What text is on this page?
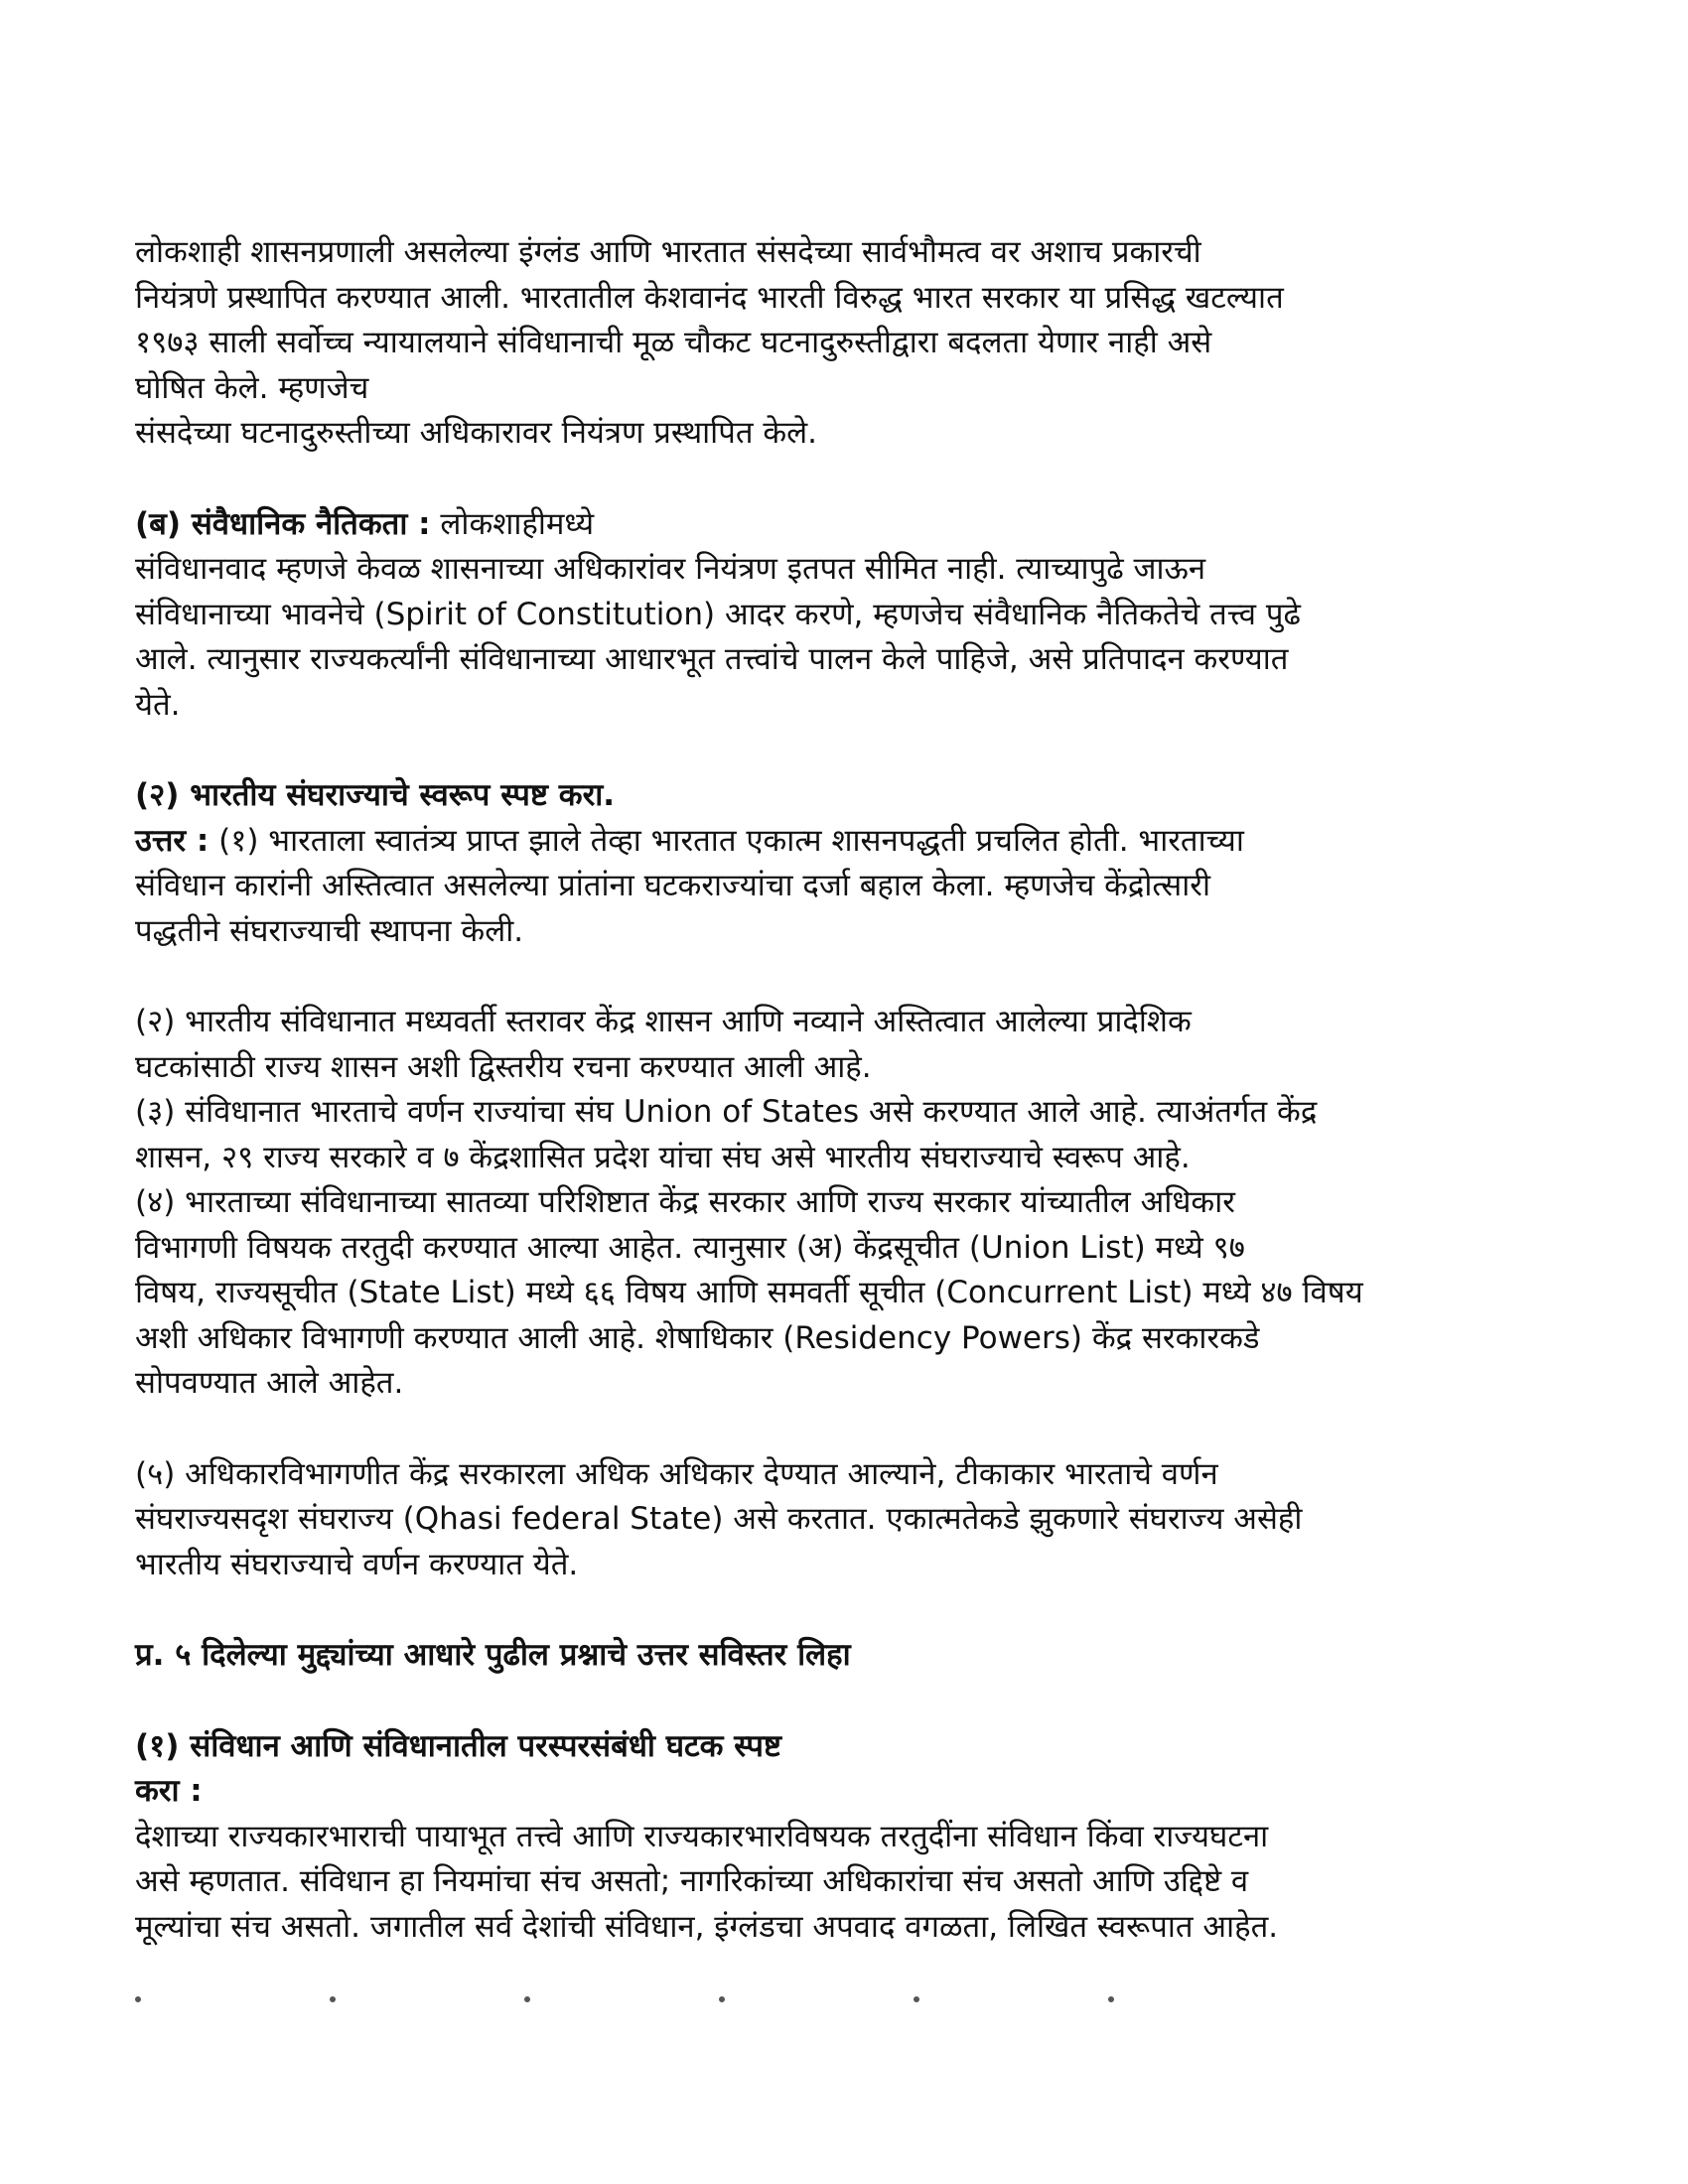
लोकशाही शासनप्रणाली असलेल्या इंग्लंड आणि भारतात संसदेच्या सार्वभौमत्व वर अशाच प्रकारची

नियंत्रणे प्रस्थापित करण्यात आली. भारतातील केशवानंद भारती विरुद्ध भारत सरकार या प्रसिद्ध खटल्यात

१९७३ साली सर्वोच्च न्यायालयाने संविधानाची मूळ चौकट घटनादुरुस्तीद्वारा बदलता येणार नाही असे

घोषित केले. म्हणजेच

संसदेच्या घटनादुरुस्तीच्या अधिकारावर नियंत्रण प्रस्थापित केले.

(ब) संवैधानिक नैतिकता : लोकशाहीमध्ये

संविधानवाद म्हणजे केवळ शासनाच्या अधिकारांवर नियंत्रण इतपत सीमित नाही. त्याच्यापुढे जाऊन

संविधानाच्या भावनेचे (Spirit of Constitution) आदर करणे, म्हणजेच संवैधानिक नैतिकतेचे तत्त्व पुढे

आले. त्यानुसार राज्यकर्त्यांनी संविधानाच्या आधारभूत तत्त्वांचे पालन केले पाहिजे, असे प्रतिपादन करण्यात

येते.

(२) भारतीय संघराज्याचे स्वरूप स्पष्ट करा.

उत्तर : (१) भारताला स्वातंत्र्य प्राप्त झाले तेव्हा भारतात एकात्म शासनपद्धती प्रचलित होती. भारताच्या

संविधान कारांनी अस्तित्वात असलेल्या प्रांतांना घटकराज्यांचा दर्जा बहाल केला. म्हणजेच केंद्रोत्सारी

पद्धतीने संघराज्याची स्थापना केली.

(२) भारतीय संविधानात मध्यवर्ती स्तरावर केंद्र शासन आणि नव्याने अस्तित्वात आलेल्या प्रादेशिक

घटकांसाठी राज्य शासन अशी द्विस्तरीय रचना करण्यात आली आहे.

(३) संविधानात भारताचे वर्णन राज्यांचा संघ Union of States असे करण्यात आले आहे. त्याअंतर्गत केंद्र

शासन, २९ राज्य सरकारे व ७ केंद्रशासित प्रदेश यांचा संघ असे भारतीय संघराज्याचे स्वरूप आहे.

(४) भारताच्या संविधानाच्या सातव्या परिशिष्टात केंद्र सरकार आणि राज्य सरकार यांच्यातील अधिकार

विभागणी विषयक तरतुदी करण्यात आल्या आहेत. त्यानुसार (अ) केंद्रसूचीत (Union List) मध्ये ९७

विषय, राज्यसूचीत (State List) मध्ये ६६ विषय आणि समवर्ती सूचीत (Concurrent List) मध्ये ४७ विषय

अशी अधिकार विभागणी करण्यात आली आहे. शेषाधिकार (Residency Powers) केंद्र सरकारकडे

सोपवण्यात आले आहेत.

(५) अधिकारविभागणीत केंद्र सरकारला अधिक अधिकार देण्यात आल्याने, टीकाकार भारताचे वर्णन

संघराज्यसदृश संघराज्य (Qhasi federal State) असे करतात. एकात्मतेकडे झुकणारे संघराज्य असेही

भारतीय संघराज्याचे वर्णन करण्यात येते.

प्र. ५ दिलेल्या मुद्द्यांच्या आधारे पुढील प्रश्नाचे उत्तर सविस्तर लिहा

(१) संविधान आणि संविधानातील परस्परसंबंधी घटक स्पष्ट

करा :

देशाच्या राज्यकारभाराची पायाभूत तत्त्वे आणि राज्यकारभारविषयक तरतुदींना संविधान किंवा राज्यघटना

असे म्हणतात. संविधान हा नियमांचा संच असतो; नागरिकांच्या अधिकारांचा संच असतो आणि उद्दिष्टे व

मूल्यांचा संच असतो. जगातील सर्व देशांची संविधान, इंग्लंडचा अपवाद वगळता, लिखित स्वरूपात आहेत.
